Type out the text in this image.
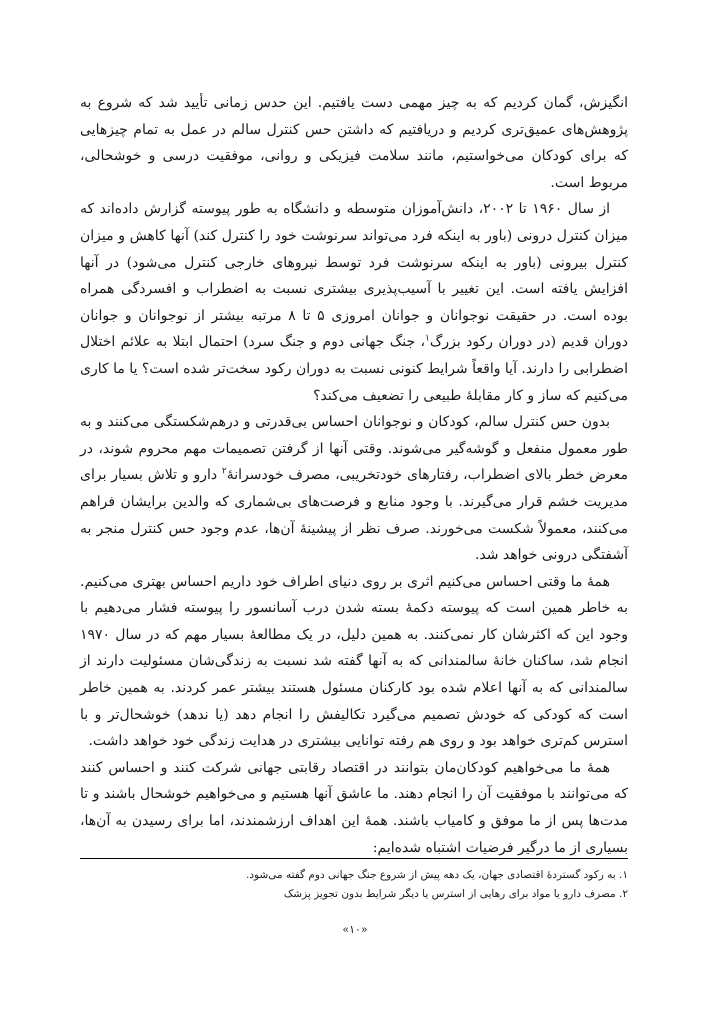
انگیزش، گمان کردیم که به چیز مهمی دست یافتیم. این حدس زمانی تأیید شد که شروع به پژوهش‌های عمیق‌تری کردیم و دریافتیم که داشتن حس کنترل سالم در عمل به تمام چیزهایی که برای کودکان می‌خواستیم، مانند سلامت فیزیکی و روانی، موفقیت درسی و خوشحالی، مربوط است.

از سال ۱۹۶۰ تا ۲۰۰۲، دانش‌آموزان متوسطه و دانشگاه به طور پیوسته گزارش داده‌اند که میزان کنترل درونی (باور به اینکه فرد می‌تواند سرنوشت خود را کنترل کند) آنها کاهش و میزان کنترل بیرونی (باور به اینکه سرنوشت فرد توسط نیروهای خارجی کنترل می‌شود) در آنها افزایش یافته است. این تغییر با آسیب‌پذیری بیشتری نسبت به اضطراب و افسردگی همراه بوده است. در حقیقت نوجوانان و جوانان امروزی ۵ تا ۸ مرتبه بیشتر از نوجوانان و جوانان دوران قدیم (در دوران رکود بزرگ$^۱$، جنگ جهانی دوم و جنگ سرد) احتمال ابتلا به علائم اختلال اضطرابی را دارند. آیا واقعاً شرایط کنونی نسبت به دوران رکود سخت‌تر شده است؟ یا ما کاری می‌کنیم که ساز و کار مقابلهٔ طبیعی را تضعیف می‌کند؟

بدون حس کنترل سالم، کودکان و نوجوانان احساس بی‌قدرتی و درهم‌شکستگی می‌کنند و به طور معمول منفعل و گوشه‌گیر می‌شوند. وقتی آنها از گرفتن تصمیمات مهم محروم شوند، در معرض خطر بالای اضطراب، رفتارهای خودتخریبی، مصرف خودسرانهٔ$^۲$ دارو و تلاش بسیار برای مدیریت خشم قرار می‌گیرند. با وجود منابع و فرصت‌های بی‌شماری که والدین برایشان فراهم می‌کنند، معمولاً شکست می‌خورند. صرف نظر از پیشینهٔ آن‌ها، عدم وجود حس کنترل منجر به آشفتگی درونی خواهد شد.

همهٔ ما وقتی احساس می‌کنیم اثری بر روی دنیای اطراف خود داریم احساس بهتری می‌کنیم. به خاطر همین است که پیوسته دکمهٔ بسته شدن درب آسانسور را پیوسته فشار می‌دهیم با وجود این که اکثرشان کار نمی‌کنند. به همین دلیل، در یک مطالعهٔ بسیار مهم که در سال ۱۹۷۰ انجام شد، ساکنان خانهٔ سالمندانی که به آنها گفته شد نسبت به زندگی‌شان مسئولیت دارند از سالمندانی که به آنها اعلام شده بود کارکنان مسئول هستند بیشتر عمر کردند. به همین خاطر است که کودکی که خودش تصمیم می‌گیرد تکالیفش را انجام دهد (یا ندهد) خوشحال‌تر و با استرس کم‌تری خواهد بود و روی هم رفته توانایی بیشتری در هدایت زندگی خود خواهد داشت.

همهٔ ما می‌خواهیم کودکان‌مان بتوانند در اقتصاد رقابتی جهانی شرکت کنند و احساس کنند که می‌توانند با موفقیت آن را انجام دهند. ما عاشق آنها هستیم و می‌خواهیم خوشحال باشند و تا مدت‌ها پس از ما موفق و کامیاب باشند. همهٔ این اهداف ارزشمندند، اما برای رسیدن به آن‌ها، بسیاری از ما درگیر فرضیات اشتباه شده‌ایم:

۱. به رکود گستردهٔ اقتصادی جهان، یک دهه پیش از شروع جنگ جهانی دوم گفته می‌شود.

۲. مصرف دارو یا مواد برای رهایی از استرس یا دیگر شرایط بدون تجویز پزشک

«۱۰»
